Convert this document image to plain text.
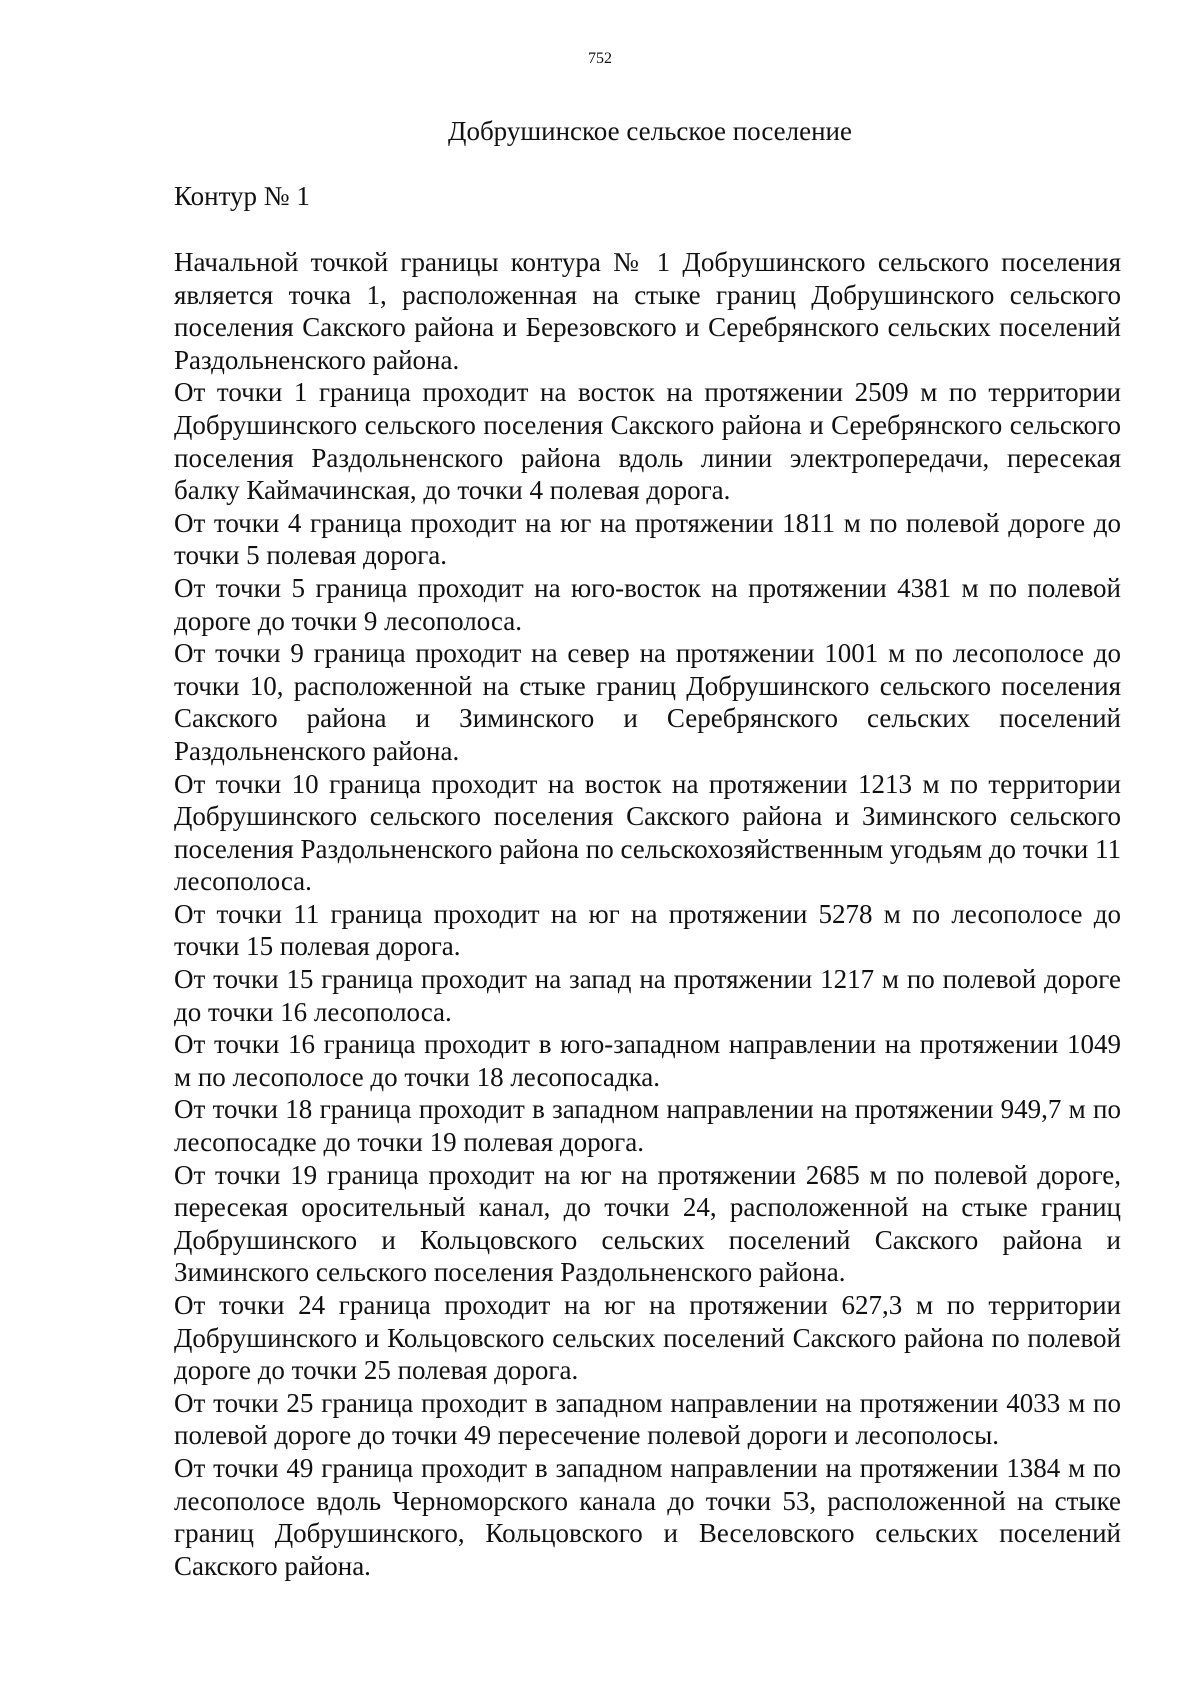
752
Добрушинское сельское поселение
Контур № 1

Начальной точкой границы контура № 1 Добрушинского сельского поселения является точка 1, расположенная на стыке границ Добрушинского сельского поселения Сакского района и Березовского и Серебрянского сельских поселений Раздольненского района.

От точки 1 граница проходит на восток на протяжении 2509 м по территории Добрушинского сельского поселения Сакского района и Серебрянского сельского поселения Раздольненского района вдоль линии электропередачи, пересекая балку Каймачинская, до точки 4 полевая дорога.

От точки 4 граница проходит на юг на протяжении 1811 м по полевой дороге до точки 5 полевая дорога.

От точки 5 граница проходит на юго-восток на протяжении 4381 м по полевой дороге до точки 9 лесополоса.

От точки 9 граница проходит на север на протяжении 1001 м по лесополосе до точки 10, расположенной на стыке границ Добрушинского сельского поселения Сакского района и Зиминского и Серебрянского сельских поселений Раздольненского района.

От точки 10 граница проходит на восток на протяжении 1213 м по территории Добрушинского сельского поселения Сакского района и Зиминского сельского поселения Раздольненского района по сельскохозяйственным угодьям до точки 11 лесополоса.

От точки 11 граница проходит на юг на протяжении 5278 м по лесополосе до точки 15 полевая дорога.

От точки 15 граница проходит на запад на протяжении 1217 м по полевой дороге до точки 16 лесополоса.

От точки 16 граница проходит в юго-западном направлении на протяжении 1049 м по лесополосе до точки 18 лесопосадка.

От точки 18 граница проходит в западном направлении на протяжении 949,7 м по лесопосадке до точки 19 полевая дорога.

От точки 19 граница проходит на юг на протяжении 2685 м по полевой дороге, пересекая оросительный канал, до точки 24, расположенной на стыке границ Добрушинского и Кольцовского сельских поселений Сакского района и Зиминского сельского поселения Раздольненского района.

От точки 24 граница проходит на юг на протяжении 627,3 м по территории Добрушинского и Кольцовского сельских поселений Сакского района по полевой дороге до точки 25 полевая дорога.

От точки 25 граница проходит в западном направлении на протяжении 4033 м по полевой дороге до точки 49 пересечение полевой дороги и лесополосы.

От точки 49 граница проходит в западном направлении на протяжении 1384 м по лесополосе вдоль Черноморского канала до точки 53, расположенной на стыке границ Добрушинского, Кольцовского и Веселовского сельских поселений Сакского района.
